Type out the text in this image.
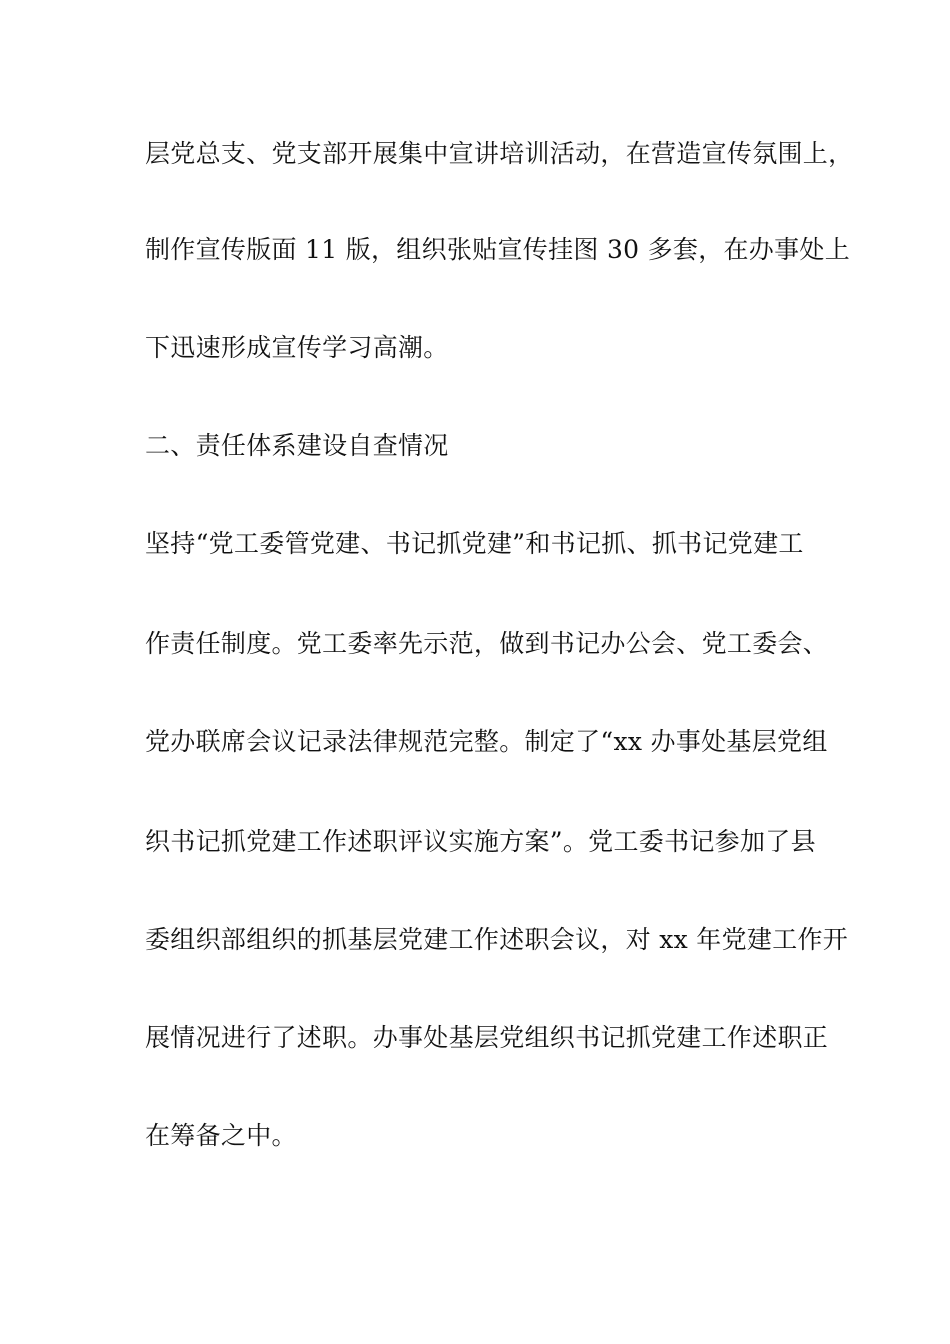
层党总支、党支部开展集中宣讲培训活动，在营造宣传氛围上，
制作宣传版面 11 版，组织张贴宣传挂图 30 多套，在办事处上
下迅速形成宣传学习高潮。
二、责任体系建设自查情况
坚持“党工委管党建、书记抓党建”和书记抓、抓书记党建工
作责任制度。党工委率先示范，做到书记办公会、党工委会、
党办联席会议记录法律规范完整。制定了“xx 办事处基层党组
织书记抓党建工作述职评议实施方案”。党工委书记参加了县
委组织部组织的抓基层党建工作述职会议，对 xx 年党建工作开
展情况进行了述职。办事处基层党组织书记抓党建工作述职正
在筹备之中。
